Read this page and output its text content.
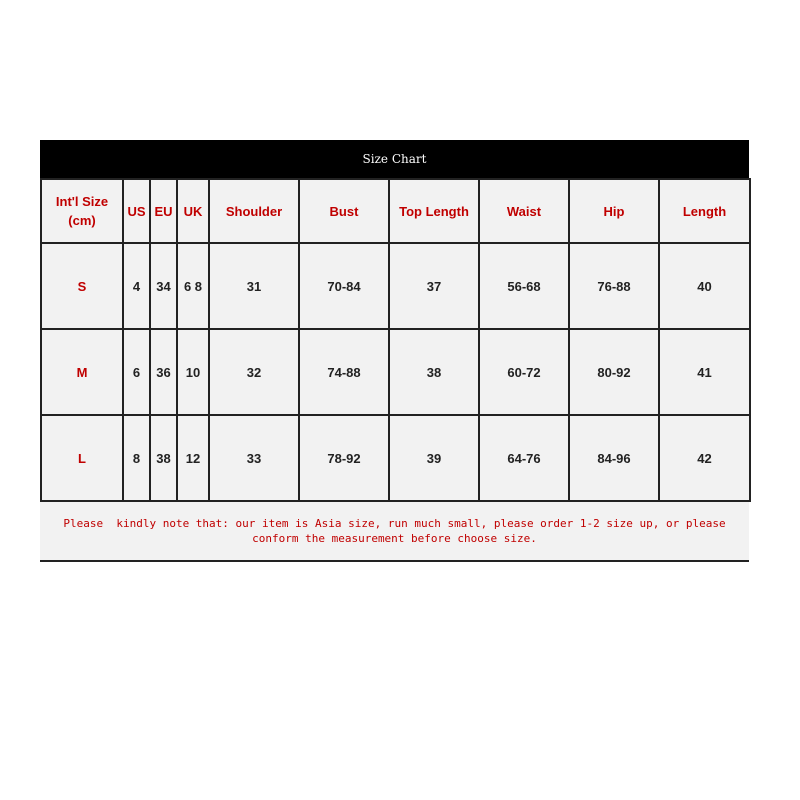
Size Chart
Int'l Size (cm)	US	EU	UK	Shoulder	Bust	Top Length	Waist	Hip	Length
S	4	34	6 8	31	70-84	37	56-68	76-88	40
M	6	36	10	32	74-88	38	60-72	80-92	41
L	8	38	12	33	78-92	39	64-76	84-96	42
Please  kindly note that: our item is Asia size, run much small, please order 1-2 size up, or please conform the measurement before choose size.
